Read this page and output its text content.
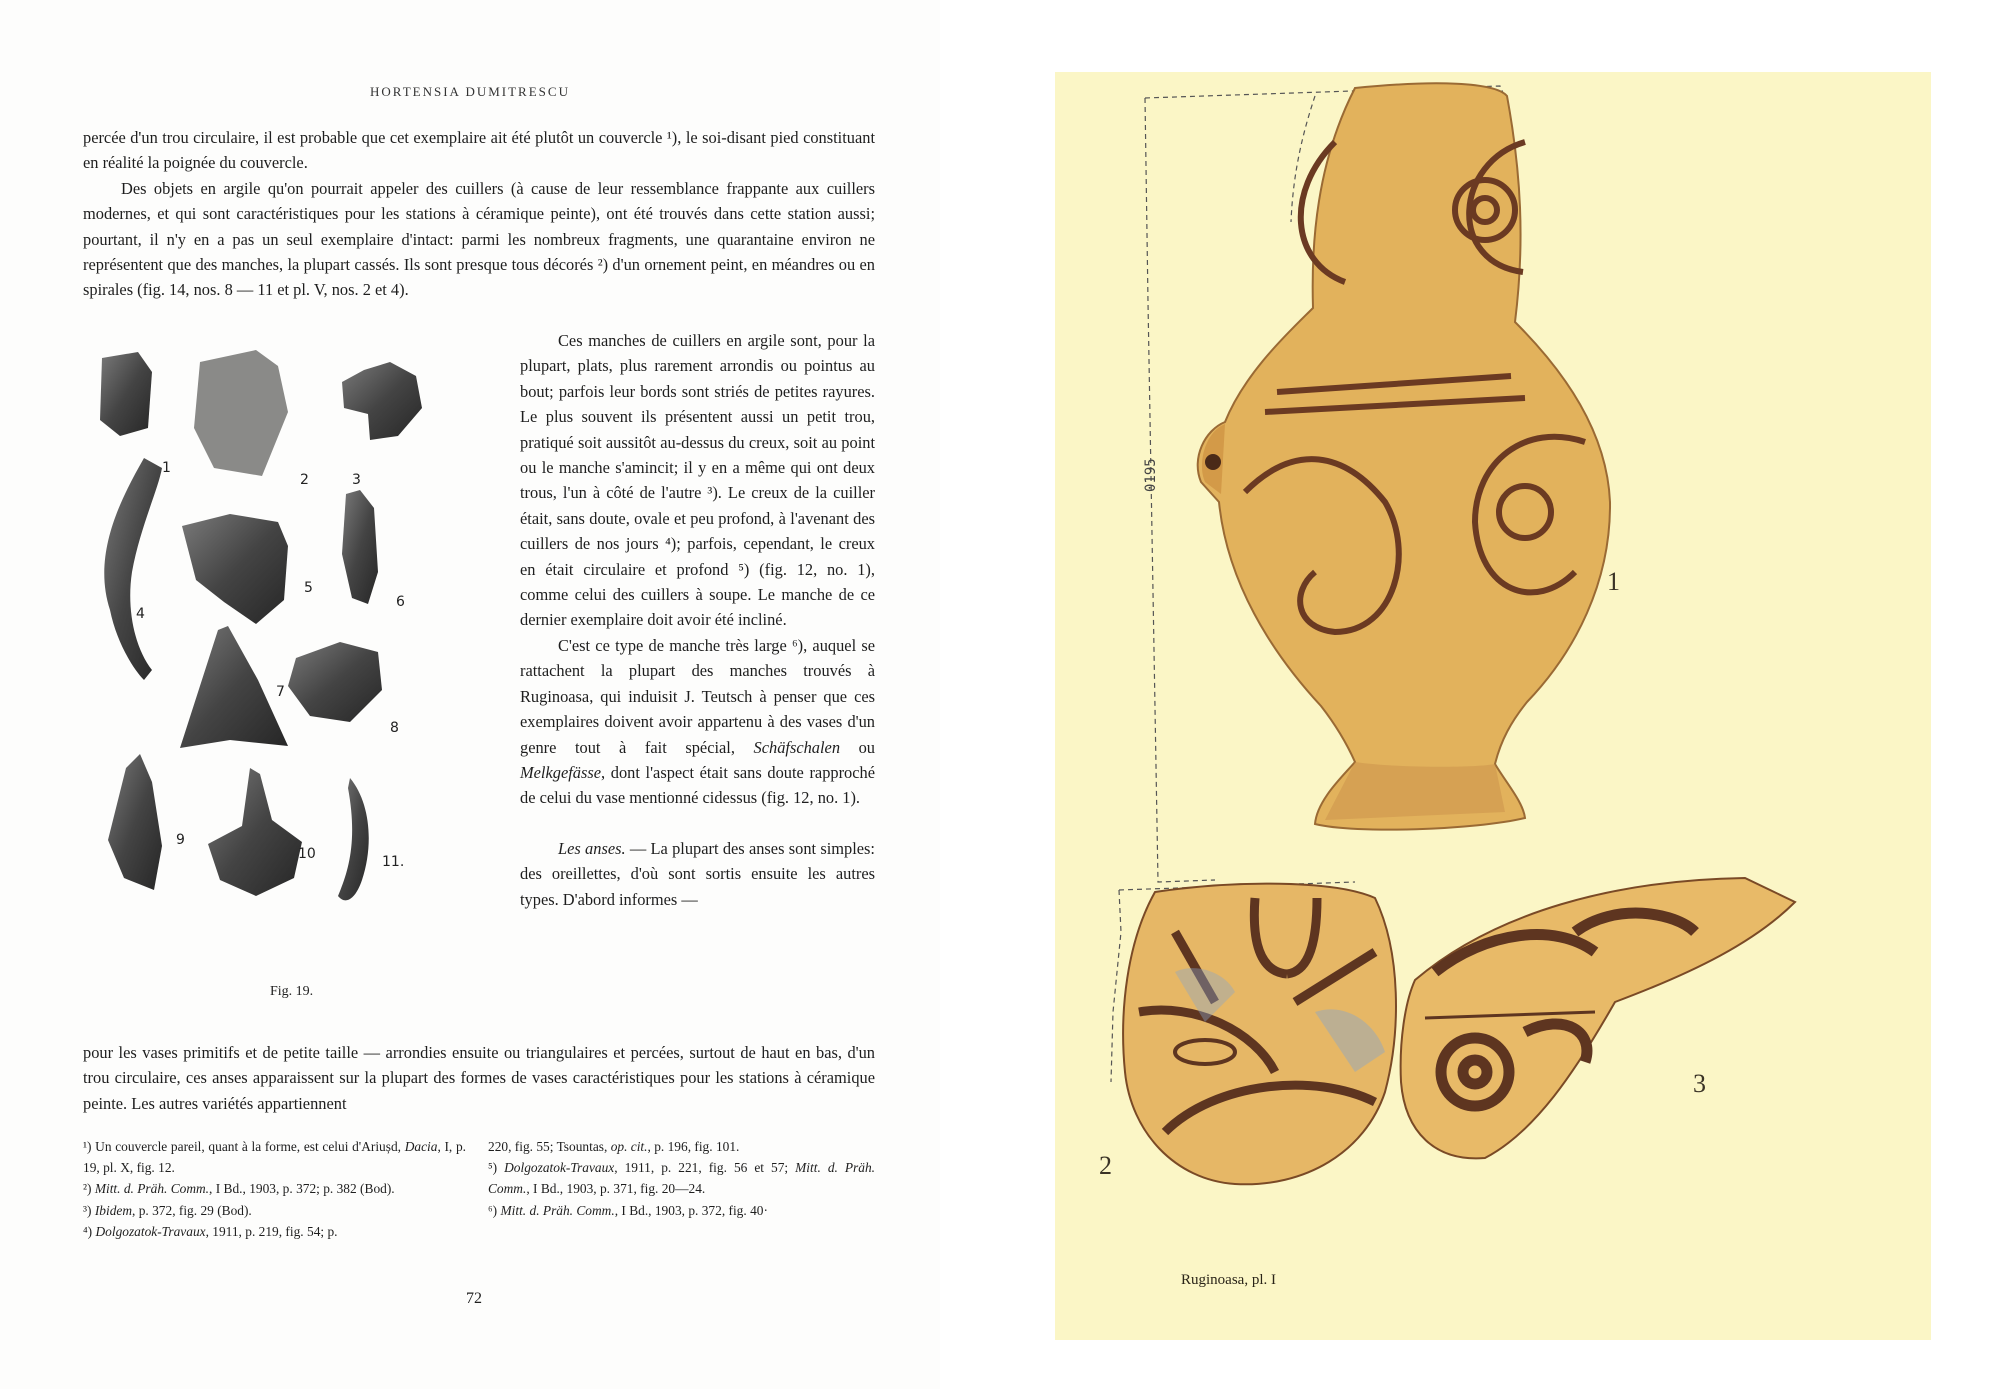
HORTENSIA DUMITRESCU

percée d'un trou circulaire, il est probable que cet exemplaire ait été plutôt un couvercle ¹), le soi-disant pied constituant en réalité la poignée du couvercle.

Des objets en argile qu'on pourrait appeler des cuillers (à cause de leur ressemblance frappante aux cuillers modernes, et qui sont caractéristiques pour les stations à céramique peinte), ont été trouvés dans cette station aussi; pourtant, il n'y en a pas un seul exemplaire d'intact: parmi les nombreux fragments, une quarantaine environ ne représentent que des manches, la plupart cassés. Ils sont presque tous décorés ²) d'un ornement peint, en méandres ou en spirales (fig. 14, nos. 8 — 11 et pl. V, nos. 2 et 4).

Ces manches de cuillers en argile sont, pour la plupart, plats, plus rarement arrondis ou pointus au bout; parfois leur bords sont striés de petites rayures. Le plus souvent ils présentent aussi un petit trou, pratiqué soit aussitôt au-dessus du creux, soit au point ou le manche s'amincit; il y en a même qui ont deux trous, l'un à côté de l'autre ³). Le creux de la cuiller était, sans doute, ovale et peu profond, à l'avenant des cuillers de nos jours ⁴); parfois, cependant, le creux en était circulaire et profond ⁵) (fig. 12, no. 1), comme celui des cuillers à soupe. Le manche de ce dernier exemplaire doit avoir été incliné.

C'est ce type de manche très large ⁶), auquel se rattachent la plupart des manches trouvés à Ruginoasa, qui induisit J. Teutsch à penser que ces exemplaires doivent avoir appartenu à des vases d'un genre tout à fait spécial, Schäfschalen ou Melkgefässe, dont l'aspect était sans doute rapproché de celui du vase mentionné cidessus (fig. 12, no. 1).

Les anses. — La plupart des anses sont simples: des oreillettes, d'où sont sortis ensuite les autres types. D'abord informes —

1
2	3
4
5
6
7
8
9
10	11.
Fig. 19.

pour les vases primitifs et de petite taille — arrondies ensuite ou triangulaires et percées, surtout de haut en bas, d'un trou circulaire, ces anses apparaissent sur la plupart des formes de vases caractéristiques pour les stations à céramique peinte. Les autres variétés appartiennent

¹) Un couvercle pareil, quant à la forme, est celui d'Ariușd, Dacia, I, p. 19, pl. X, fig. 12.

²) Mitt. d. Präh. Comm., I Bd., 1903, p. 372; p. 382 (Bod).

³) Ibidem, p. 372, fig. 29 (Bod).

⁴) Dolgozatok-Travaux, 1911, p. 219, fig. 54; p.

220, fig. 55; Tsountas, op. cit., p. 196, fig. 101.

⁵) Dolgozatok-Travaux, 1911, p. 221, fig. 56 et 57; Mitt. d. Präh. Comm., I Bd., 1903, p. 371, fig. 20—24.

⁶) Mitt. d. Präh. Comm., I Bd., 1903, p. 372, fig. 40·

72
0195
1
2
3
Ruginoasa, pl. I
